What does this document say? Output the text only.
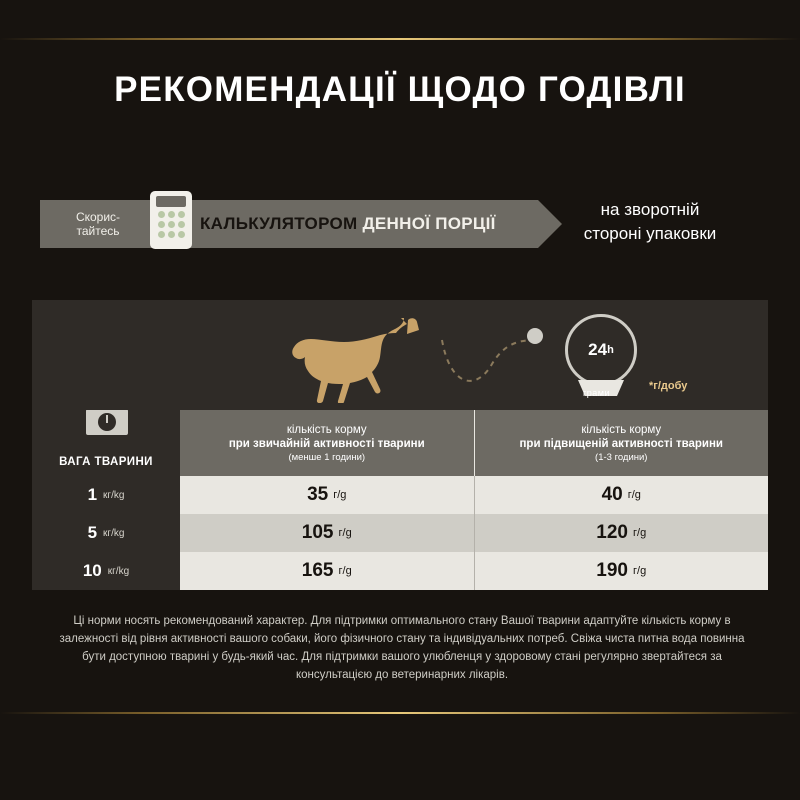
РЕКОМЕНДАЦІЇ ЩОДО ГОДІВЛІ
Скорис-
тайтесь	КАЛЬКУЛЯТОРОМ ДЕННОЇ ПОРЦІЇ
на зворотній
стороні упаковки
ВАГА ТВАРИНИ
24 h
грами
*г/добу
кількість корму
при звичайній активності тварини
(менше 1 години)
кількість корму
при підвищеній активності тварини
(1-3 години)
1 кг/kg	35 г/g	40 г/g
5 кг/kg	105 г/g	120 г/g
10 кг/kg	165 г/g	190 г/g
Ці норми носять рекомендований характер. Для підтримки оптимального стану Вашої тварини адаптуйте кількість корму в залежності від рівня активності вашого собаки, його фізичного стану та індивідуальних потреб. Свіжа чиста питна вода повинна бути доступною тварині у будь-який час. Для підтримки вашого улюбленця у здоровому стані регулярно звертайтеся за консультацією до ветеринарних лікарів.
